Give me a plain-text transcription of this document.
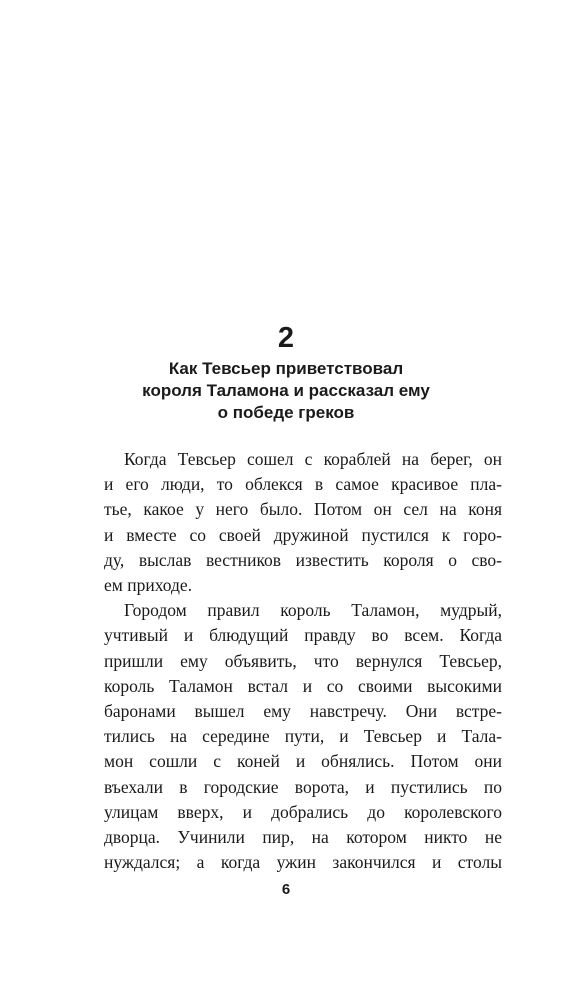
2
Как Тевсьер приветствовал
короля Таламона и рассказал ему
о победе греков
Когда Тевсьер сошел с кораблей на берег, он
и его люди, то облекся в самое красивое пла-
тье, какое у него было. Потом он сел на коня
и вместе со своей дружиной пустился к горо-
ду, выслав вестников известить короля о сво-
ем приходе.
Городом правил король Таламон, мудрый,
учтивый и блюдущий правду во всем. Когда
пришли ему объявить, что вернулся Тевсьер,
король Таламон встал и со своими высокими
баронами вышел ему навстречу. Они встре-
тились на середине пути, и Тевсьер и Тала-
мон сошли с коней и обнялись. Потом они
въехали в городские ворота, и пустились по
улицам вверх, и добрались до королевского
дворца. Учинили пир, на котором никто не
нуждался; а когда ужин закончился и столы
6
